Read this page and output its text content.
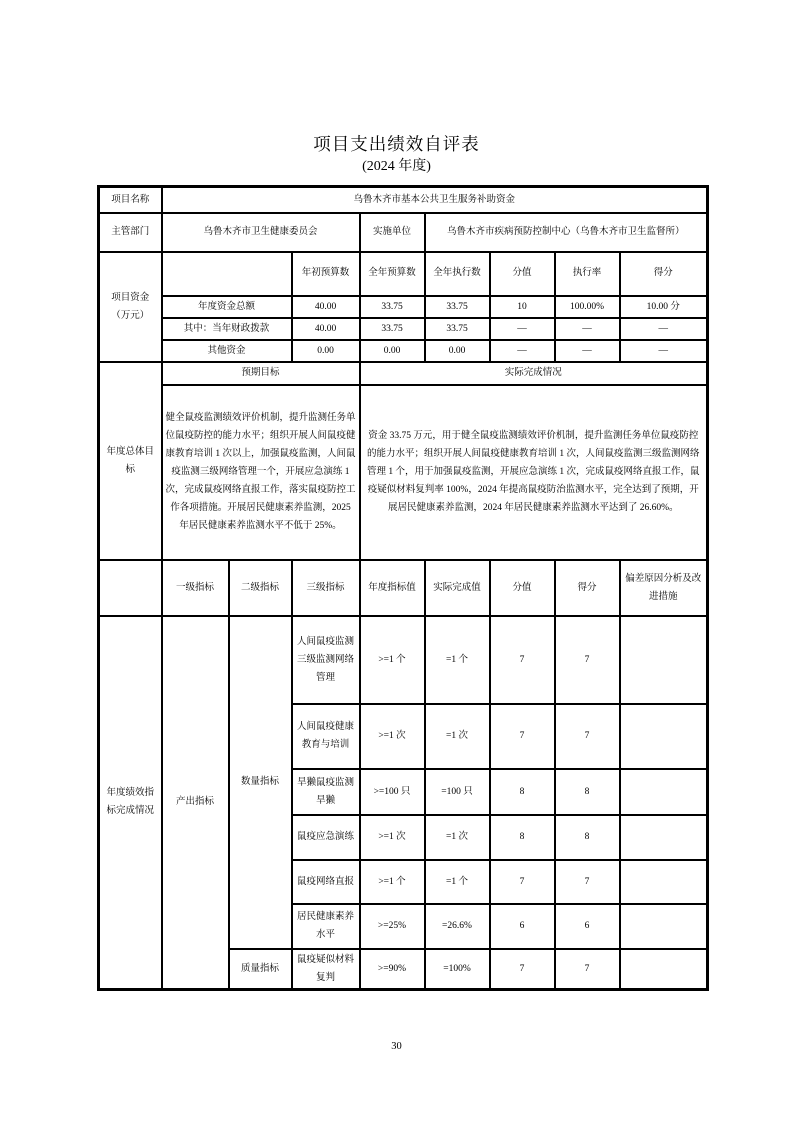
项目支出绩效自评表
(2024 年度)
项目名称	乌鲁木齐市基本公共卫生服务补助资金							
主管部门	乌鲁木齐市卫生健康委员会			实施单位	乌鲁木齐市疾病预防控制中心（乌鲁木齐市卫生监督所）			
项目资金（万元）			年初预算数	全年预算数	全年执行数	分值	执行率	得分
	年度资金总额		40.00	33.75	33.75	10	100.00%	10.00 分
	其中：当年财政拨款		40.00	33.75	33.75	—	—	—
	其他资金		0.00	0.00	0.00	—	—	—
年度总体目标	预期目标			实际完成情况				
	健全鼠疫监测绩效评价机制，提升监测任务单位鼠疫防控的能力水平；组织开展人间鼠疫健康教育培训 1 次以上，加强鼠疫监测，人间鼠疫监测三级网络管理一个，开展应急演练 1 次，完成鼠疫网络直报工作，落实鼠疫防控工作各项措施。开展居民健康素养监测，2025 年居民健康素养监测水平不低于 25%。			资金 33.75 万元，用于健全鼠疫监测绩效评价机制，提升监测任务单位鼠疫防控的能力水平；组织开展人间鼠疫健康教育培训 1 次，人间鼠疫监测三级监测网络管理 1 个，用于加强鼠疫监测，开展应急演练 1 次，完成鼠疫网络直报工作，鼠疫疑似材料复判率 100%，2024 年提高鼠疫防治监测水平，完全达到了预期，开展居民健康素养监测，2024 年居民健康素养监测水平达到了 26.60%。				
	一级指标	二级指标	三级指标	年度指标值	实际完成值	分值	得分	偏差原因分析及改进措施
年度绩效指标完成情况	产出指标	数量指标	人间鼠疫监测三级监测网络管理	>=1 个	=1 个	7	7	
			人间鼠疫健康教育与培训	>=1 次	=1 次	7	7	
			旱獭鼠疫监测旱獭	>=100 只	=100 只	8	8	
			鼠疫应急演练	>=1 次	=1 次	8	8	
			鼠疫网络直报	>=1 个	=1 个	7	7	
			居民健康素养水平	>=25%	=26.6%	6	6	
		质量指标	鼠疫疑似材料复判	>=90%	=100%	7	7	
30
